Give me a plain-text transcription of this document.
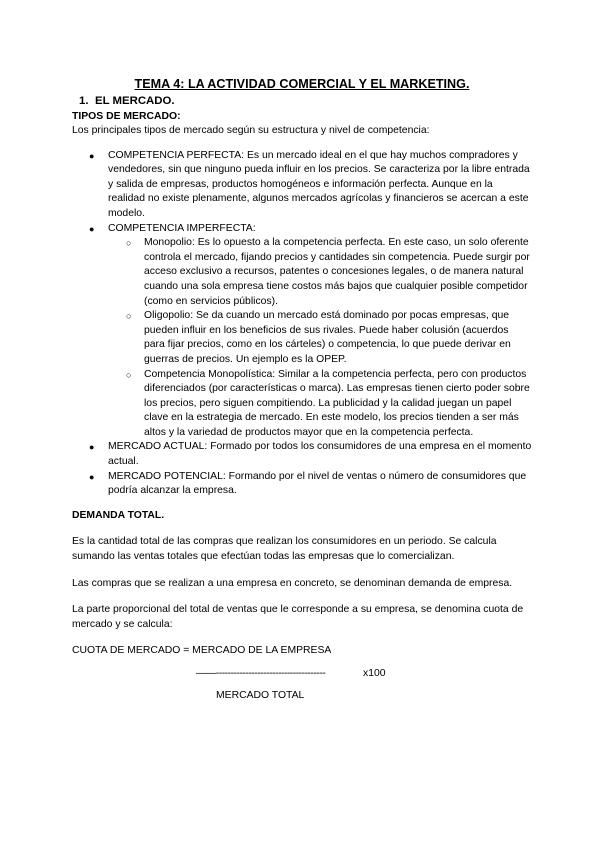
TEMA 4: LA ACTIVIDAD COMERCIAL Y EL MARKETING.
1. EL MERCADO.
TIPOS DE MERCADO:

Los principales tipos de mercado según su estructura y nivel de competencia:

● COMPETENCIA PERFECTA: Es un mercado ideal en el que hay muchos compradores y vendedores, sin que ninguno pueda influir en los precios. Se caracteriza por la libre entrada y salida de empresas, productos homogéneos e información perfecta. Aunque en la realidad no existe plenamente, algunos mercados agrícolas y financieros se acercan a este modelo.
● COMPETENCIA IMPERFECTA:
○ Monopolio: Es lo opuesto a la competencia perfecta. En este caso, un solo oferente controla el mercado, fijando precios y cantidades sin competencia. Puede surgir por acceso exclusivo a recursos, patentes o concesiones legales, o de manera natural cuando una sola empresa tiene costos más bajos que cualquier posible competidor (como en servicios públicos).
○ Oligopolio: Se da cuando un mercado está dominado por pocas empresas, que pueden influir en los beneficios de sus rivales. Puede haber colusión (acuerdos para fijar precios, como en los cárteles) o competencia, lo que puede derivar en guerras de precios. Un ejemplo es la OPEP.
○ Competencia Monopolística: Similar a la competencia perfecta, pero con productos diferenciados (por características o marca). Las empresas tienen cierto poder sobre los precios, pero siguen compitiendo. La publicidad y la calidad juegan un papel clave en la estrategia de mercado. En este modelo, los precios tienden a ser más altos y la variedad de productos mayor que en la competencia perfecta.
● MERCADO ACTUAL: Formado por todos los consumidores de una empresa en el momento actual.
● MERCADO POTENCIAL: Formando por el nivel de ventas o número de consumidores que podría alcanzar la empresa.
DEMANDA TOTAL.

Es la cantidad total de las compras que realizan los consumidores en un periodo. Se calcula sumando las ventas totales que efectúan todas las empresas que lo comercializan.

Las compras que se realizan a una empresa en concreto, se denominan demanda de empresa.

La parte proporcional del total de ventas que le corresponde a su empresa, se denomina cuota de mercado y se calcula:

CUOTA DE MERCADO = MERCADO DE LA EMPRESA
——-------------------------------------	x100
MERCADO TOTAL
